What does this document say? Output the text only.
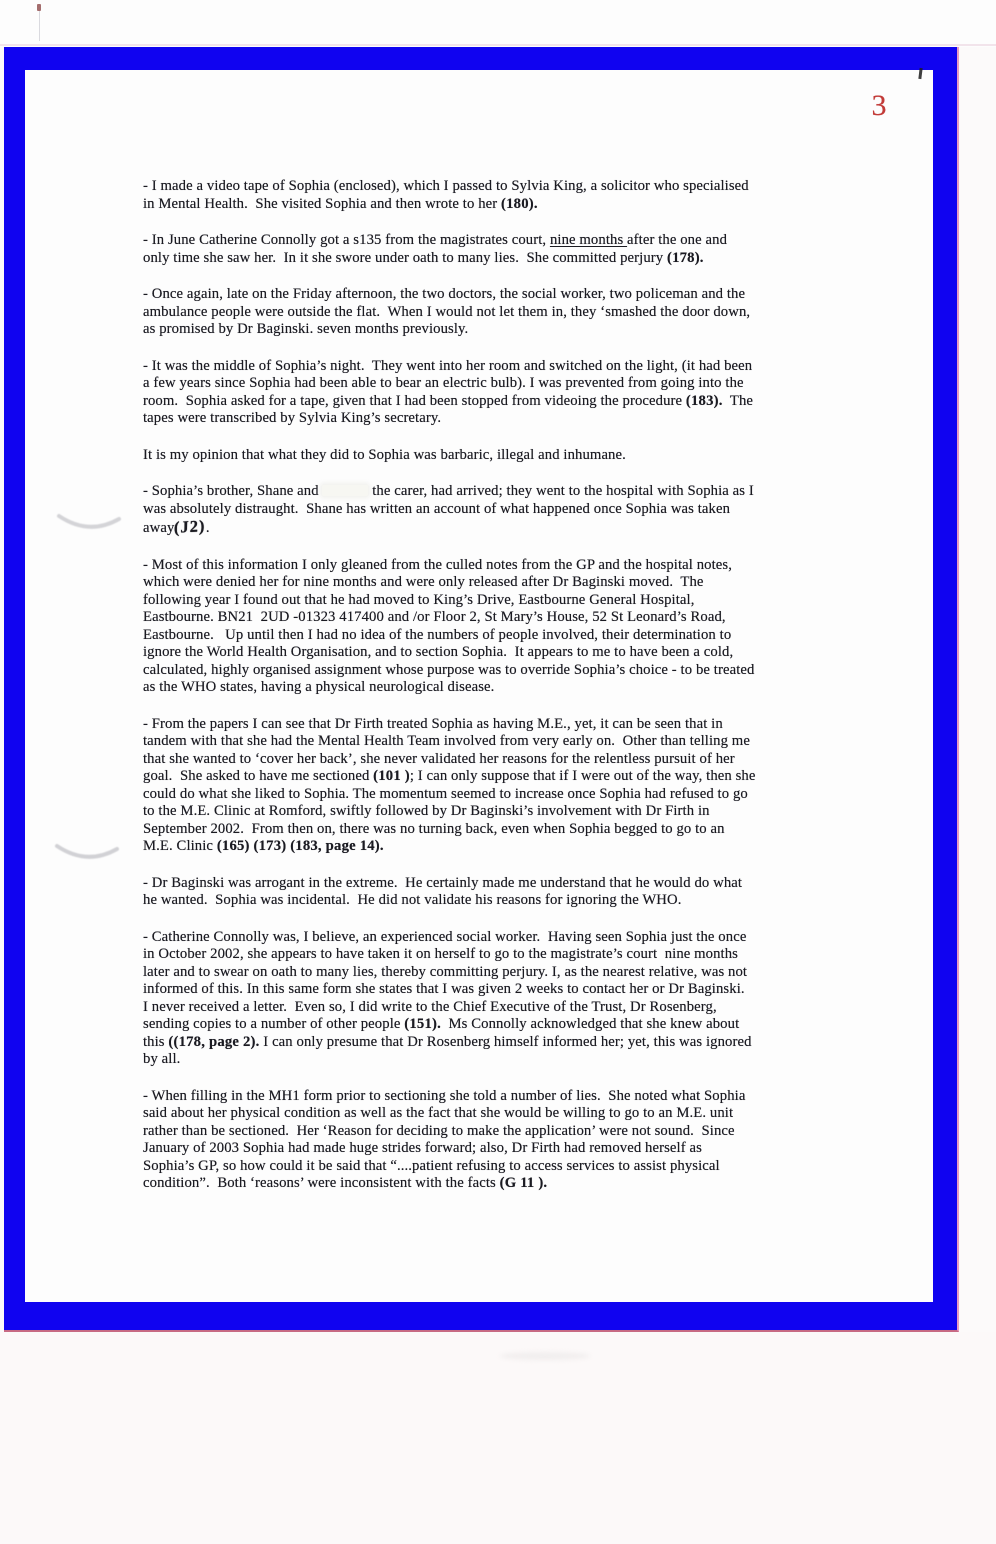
3
- I made a video tape of Sophia (enclosed), which I passed to Sylvia King, a solicitor who specialised
in Mental Health.  She visited Sophia and then wrote to her (180).
- In June Catherine Connolly got a s135 from the magistrates court, nine months after the one and
only time she saw her.  In it she swore under oath to many lies.  She committed perjury (178).
- Once again, late on the Friday afternoon, the two doctors, the social worker, two policeman and the
ambulance people were outside the flat.  When I would not let them in, they ‘smashed the door down,
as promised by Dr Baginski. seven months previously.
- It was the middle of Sophia’s night.  They went into her room and switched on the light, (it had been
a few years since Sophia had been able to bear an electric bulb). I was prevented from going into the
room.  Sophia asked for a tape, given that I had been stopped from videoing the procedure (183).  The
tapes were transcribed by Sylvia King’s secretary.
It is my opinion that what they did to Sophia was barbaric, illegal and inhumane.
- Sophia’s brother, Shane and	the carer, had arrived; they went to the hospital with Sophia as I
was absolutely distraught.  Shane has written an account of what happened once Sophia was taken
away(J2).
- Most of this information I only gleaned from the culled notes from the GP and the hospital notes,
which were denied her for nine months and were only released after Dr Baginski moved.  The
following year I found out that he had moved to King’s Drive, Eastbourne General Hospital,
Eastbourne. BN21  2UD -01323 417400 and /or Floor 2, St Mary’s House, 52 St Leonard’s Road,
Eastbourne.   Up until then I had no idea of the numbers of people involved, their determination to
ignore the World Health Organisation, and to section Sophia.  It appears to me to have been a cold,
calculated, highly organised assignment whose purpose was to override Sophia’s choice - to be treated
as the WHO states, having a physical neurological disease.
- From the papers I can see that Dr Firth treated Sophia as having M.E., yet, it can be seen that in
tandem with that she had the Mental Health Team involved from very early on.  Other than telling me
that she wanted to ‘cover her back’, she never validated her reasons for the relentless pursuit of her
goal.  She asked to have me sectioned (101 ); I can only suppose that if I were out of the way, then she
could do what she liked to Sophia. The momentum seemed to increase once Sophia had refused to go
to the M.E. Clinic at Romford, swiftly followed by Dr Baginski’s involvement with Dr Firth in
September 2002.  From then on, there was no turning back, even when Sophia begged to go to an
M.E. Clinic (165) (173) (183, page 14).
- Dr Baginski was arrogant in the extreme.  He certainly made me understand that he would do what
he wanted.  Sophia was incidental.  He did not validate his reasons for ignoring the WHO.
- Catherine Connolly was, I believe, an experienced social worker.  Having seen Sophia just the once
in October 2002, she appears to have taken it on herself to go to the magistrate’s court  nine months
later and to swear on oath to many lies, thereby committing perjury. I, as the nearest relative, was not
informed of this. In this same form she states that I was given 2 weeks to contact her or Dr Baginski.
I never received a letter.  Even so, I did write to the Chief Executive of the Trust, Dr Rosenberg,
sending copies to a number of other people (151).  Ms Connolly acknowledged that she knew about
this ((178, page 2). I can only presume that Dr Rosenberg himself informed her; yet, this was ignored
by all.
- When filling in the MH1 form prior to sectioning she told a number of lies.  She noted what Sophia
said about her physical condition as well as the fact that she would be willing to go to an M.E. unit
rather than be sectioned.  Her ‘Reason for deciding to make the application’ were not sound.  Since
January of 2003 Sophia had made huge strides forward; also, Dr Firth had removed herself as
Sophia’s GP, so how could it be said that “....patient refusing to access services to assist physical
condition”.  Both ‘reasons’ were inconsistent with the facts (G 11 ).
